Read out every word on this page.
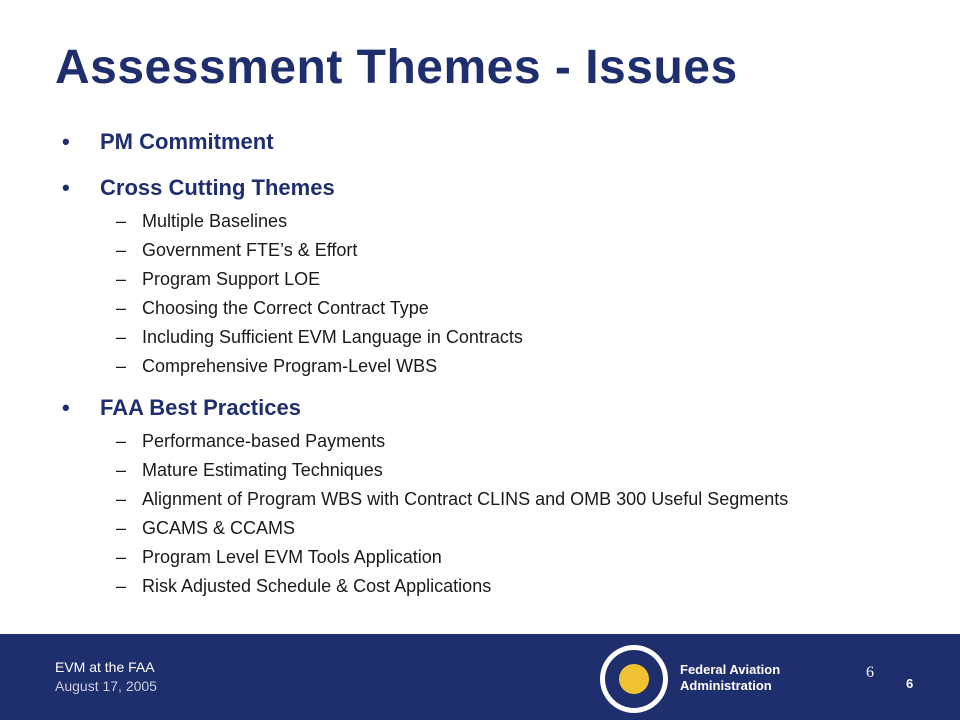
Assessment Themes - Issues
• PM Commitment
• Cross Cutting Themes
– Multiple Baselines
– Government FTE’s & Effort
– Program Support LOE
– Choosing the Correct Contract Type
– Including Sufficient EVM Language in Contracts
– Comprehensive Program-Level WBS
• FAA Best Practices
– Performance-based Payments
– Mature Estimating Techniques
– Alignment of Program WBS with Contract CLINS and OMB 300 Useful Segments
– GCAMS & CCAMS
– Program Level EVM Tools Application
– Risk Adjusted Schedule & Cost Applications
EVM at the FAA
August 17, 2005
Federal Aviation
Administration
6
6
